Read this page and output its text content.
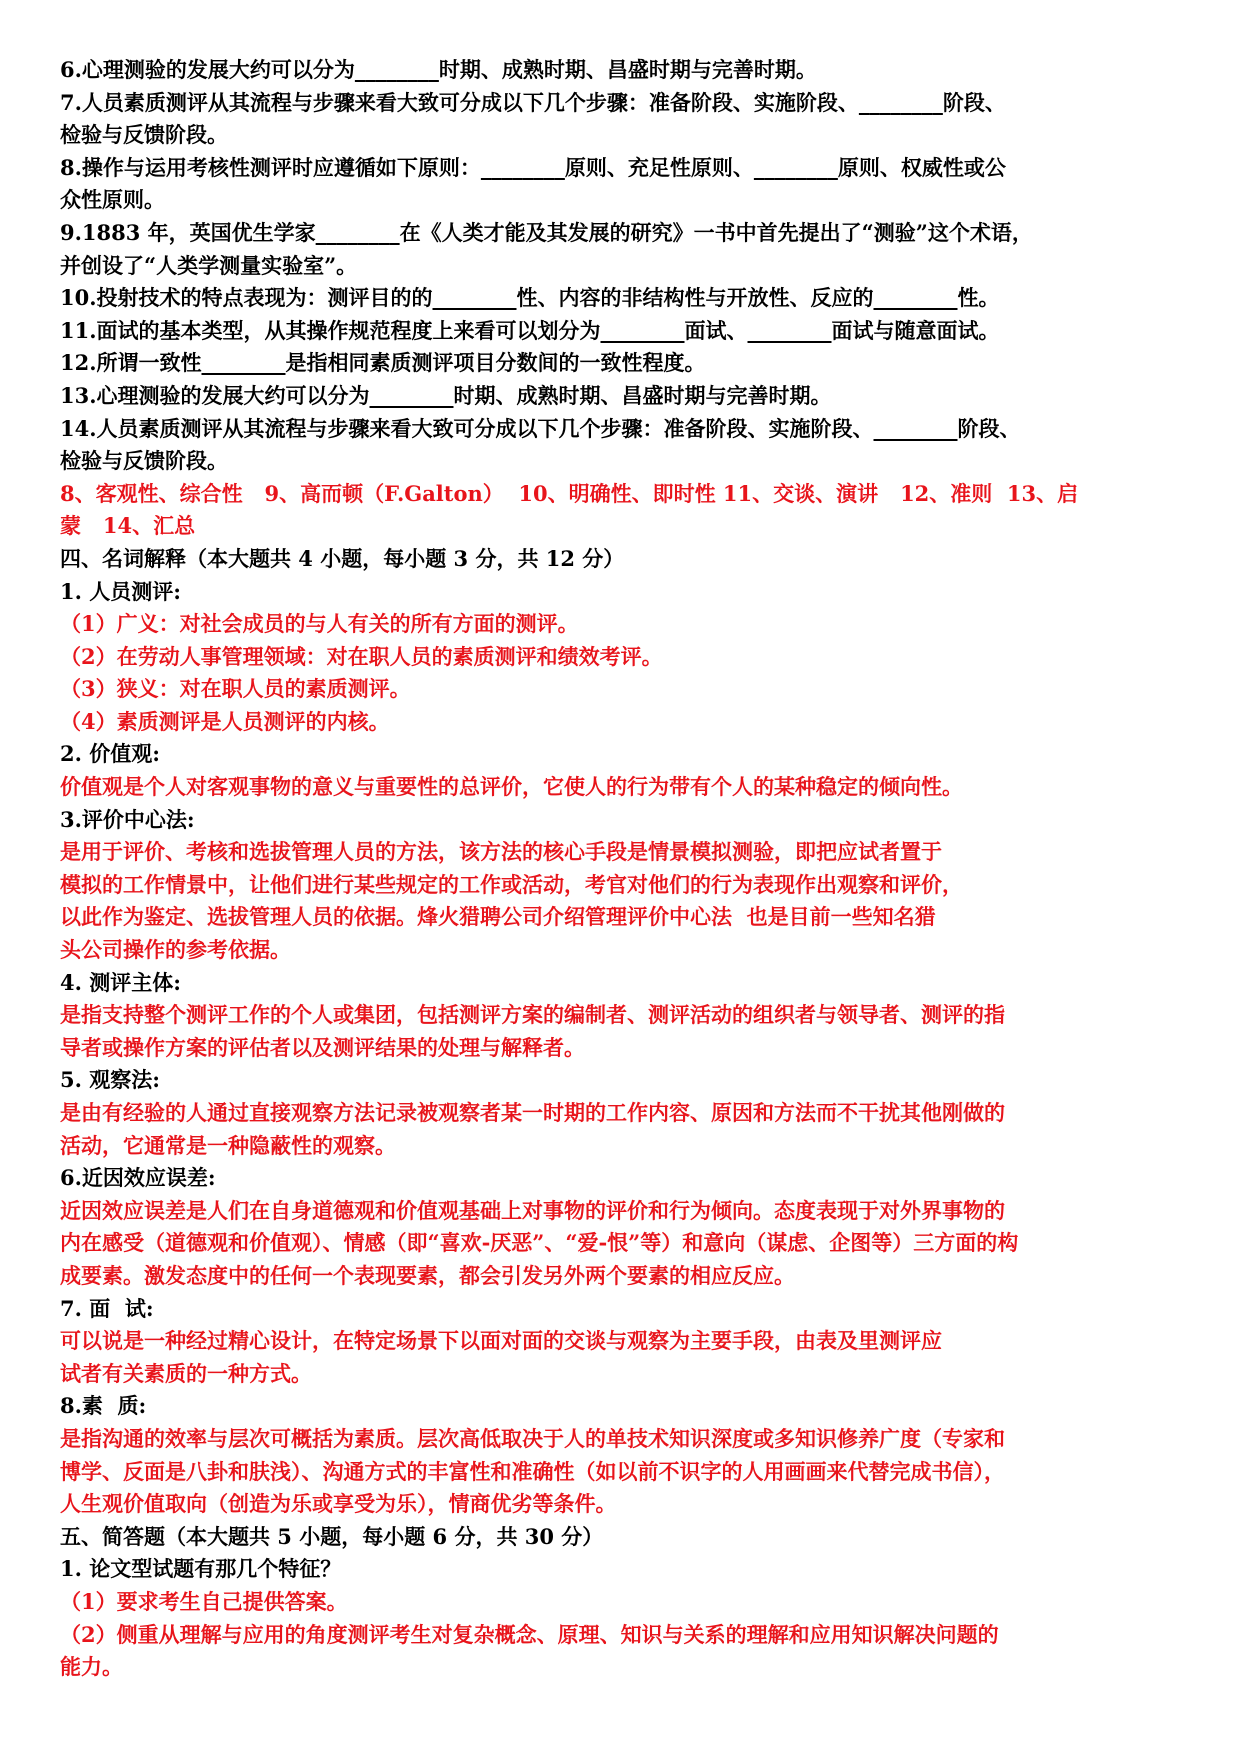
6.心理测验的发展大约可以分为________时期、成熟时期、昌盛时期与完善时期。

7.人员素质测评从其流程与步骤来看大致可分成以下几个步骤：准备阶段、实施阶段、________阶段、

检验与反馈阶段。

8.操作与运用考核性测评时应遵循如下原则：________原则、充足性原则、________原则、权威性或公

众性原则。

9.1883 年，英国优生学家________在《人类才能及其发展的研究》一书中首先提出了“测验”这个术语，

并创设了“人类学测量实验室”。

10.投射技术的特点表现为：测评目的的________性、内容的非结构性与开放性、反应的________性。

11.面试的基本类型，从其操作规范程度上来看可以划分为________面试、________面试与随意面试。

12.所谓一致性________是指相同素质测评项目分数间的一致性程度。

13.心理测验的发展大约可以分为________时期、成熟时期、昌盛时期与完善时期。

14.人员素质测评从其流程与步骤来看大致可分成以下几个步骤：准备阶段、实施阶段、________阶段、

检验与反馈阶段。

8、客观性、综合性   9、高而顿（F.Galton）  10、明确性、即时性 11、交谈、演讲   12、准则  13、启

蒙   14、汇总

四、名词解释（本大题共 4 小题，每小题 3 分，共 12 分）

1. 人员测评:

（1）广义：对社会成员的与人有关的所有方面的测评。

（2）在劳动人事管理领域：对在职人员的素质测评和绩效考评。

（3）狭义：对在职人员的素质测评。

（4）素质测评是人员测评的内核。

2. 价值观:

价值观是个人对客观事物的意义与重要性的总评价，它使人的行为带有个人的某种稳定的倾向性。

3.评价中心法:

是用于评价、考核和选拔管理人员的方法，该方法的核心手段是情景模拟测验，即把应试者置于

模拟的工作情景中，让他们进行某些规定的工作或活动，考官对他们的行为表现作出观察和评价，

以此作为鉴定、选拔管理人员的依据。烽火猎聘公司介绍管理评价中心法  也是目前一些知名猎

头公司操作的参考依据。

4. 测评主体:

是指支持整个测评工作的个人或集团，包括测评方案的编制者、测评活动的组织者与领导者、测评的指

导者或操作方案的评估者以及测评结果的处理与解释者。

5. 观察法:

是由有经验的人通过直接观察方法记录被观察者某一时期的工作内容、原因和方法而不干扰其他刚做的

活动，它通常是一种隐蔽性的观察。

6.近因效应误差:

近因效应误差是人们在自身道德观和价值观基础上对事物的评价和行为倾向。态度表现于对外界事物的

内在感受（道德观和价值观）、情感（即“喜欢-厌恶”、“爱-恨”等）和意向（谋虑、企图等）三方面的构

成要素。激发态度中的任何一个表现要素，都会引发另外两个要素的相应反应。

7. 面  试:

可以说是一种经过精心设计，在特定场景下以面对面的交谈与观察为主要手段，由表及里测评应

试者有关素质的一种方式。

8.素  质:

是指沟通的效率与层次可概括为素质。层次高低取决于人的单技术知识深度或多知识修养广度（专家和

博学、反面是八卦和肤浅）、沟通方式的丰富性和准确性（如以前不识字的人用画画来代替完成书信），

人生观价值取向（创造为乐或享受为乐），情商优劣等条件。

五、简答题（本大题共 5 小题，每小题 6 分，共 30 分）

1. 论文型试题有那几个特征？

（1）要求考生自己提供答案。

（2）侧重从理解与应用的角度测评考生对复杂概念、原理、知识与关系的理解和应用知识解决问题的

能力。
